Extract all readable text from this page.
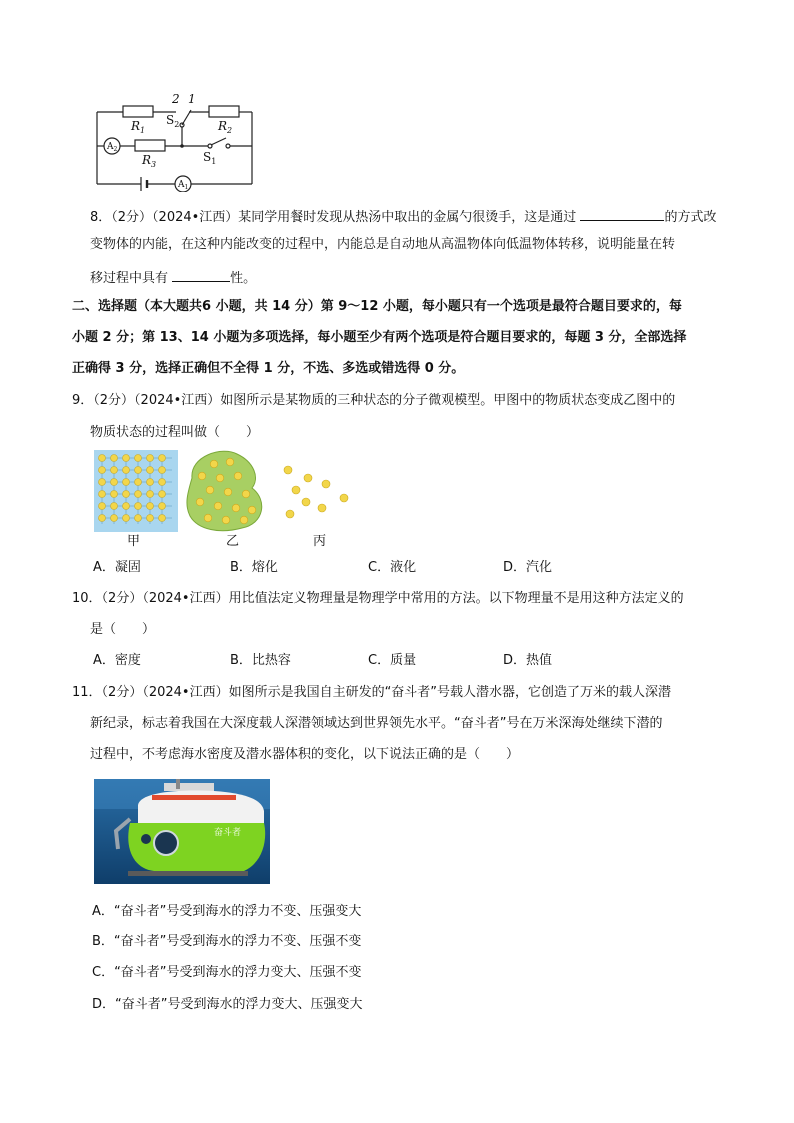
$R_1$	$R_2$
$R_3$
$S_2$
$S_1$
2 1
$A_2$
$A_1$
8．（2分）（2024•江西）某同学用餐时发现从热汤中取出的金属勺很烫手，这是通过	的方式改
变物体的内能，在这种内能改变的过程中，内能总是自动地从高温物体向低温物体转移，说明能量在转
移过程中具有	性。
二、选择题（本大题共6 小题，共 14 分）第 9～12 小题，每小题只有一个选项是最符合题目要求的，每
小题 2 分；第 13、14 小题为多项选择，每小题至少有两个选项是符合题目要求的，每题 3 分，全部选择
正确得 3 分，选择正确但不全得 1 分，不选、多选或错选得 0 分。
9．（2分）（2024•江西）如图所示是某物质的三种状态的分子微观模型。甲图中的物质状态变成乙图中的
物质状态的过程叫做（　　）
甲	乙	丙
A．凝固	B．熔化	C．液化	D．汽化
10．（2分）（2024•江西）用比值法定义物理量是物理学中常用的方法。以下物理量不是用这种方法定义的
是（　　）
A．密度	B．比热容	C．质量	D．热值
11．（2分）（2024•江西）如图所示是我国自主研发的“奋斗者”号载人潜水器，它创造了万米的载人深潜
新纪录，标志着我国在大深度载人深潜领域达到世界领先水平。“奋斗者”号在万米深海处继续下潜的
过程中，不考虑海水密度及潜水器体积的变化，以下说法正确的是（　　）
奋斗者
A．“奋斗者”号受到海水的浮力不变、压强变大
B．“奋斗者”号受到海水的浮力不变、压强不变
C．“奋斗者”号受到海水的浮力变大、压强不变
D．“奋斗者”号受到海水的浮力变大、压强变大
